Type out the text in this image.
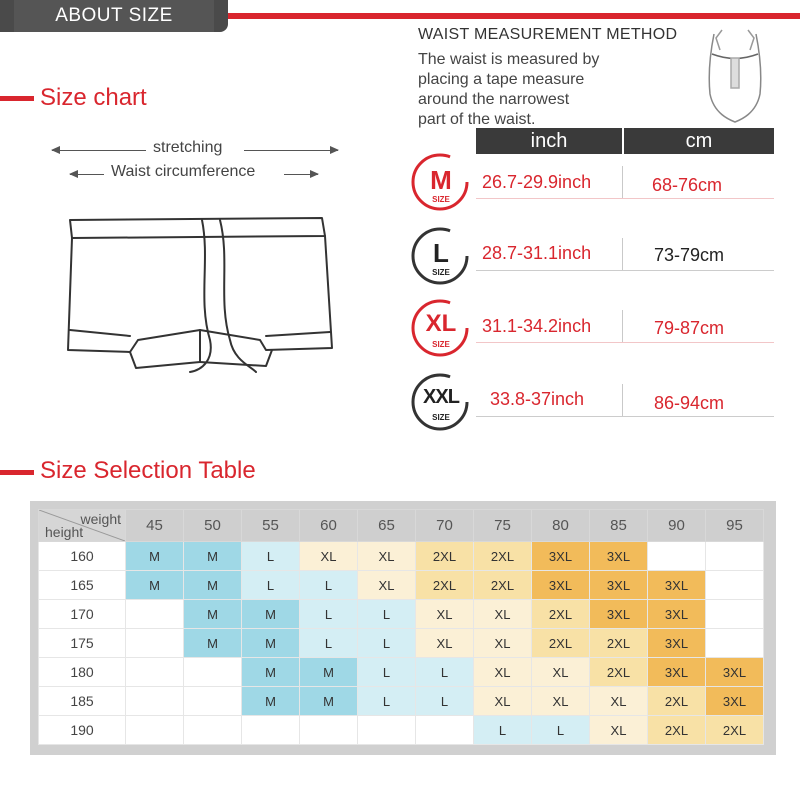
ABOUT SIZE
Size chart
stretching
Waist circumference
WAIST MEASUREMENT METHOD
The waist is measured by
placing a tape measure
around the narrowest
part of the waist.
inch	cm
M
SIZE
26.7-29.9inch	68-76cm
L
SIZE
28.7-31.1inch	73-79cm
XL
SIZE
31.1-34.2inch	79-87cm
XXL
SIZE
33.8-37inch	86-94cm
Size Selection Table
weight
height	45	50	55	60	65	70	75	80	85	90	95
160	M	M	L	XL	XL	2XL	2XL	3XL	3XL		
165	M	M	L	L	XL	2XL	2XL	3XL	3XL	3XL	
170		M	M	L	L	XL	XL	2XL	3XL	3XL	
175		M	M	L	L	XL	XL	2XL	2XL	3XL	
180			M	M	L	L	XL	XL	2XL	3XL	3XL
185			M	M	L	L	XL	XL	XL	2XL	3XL
190							L	L	XL	2XL	2XL
